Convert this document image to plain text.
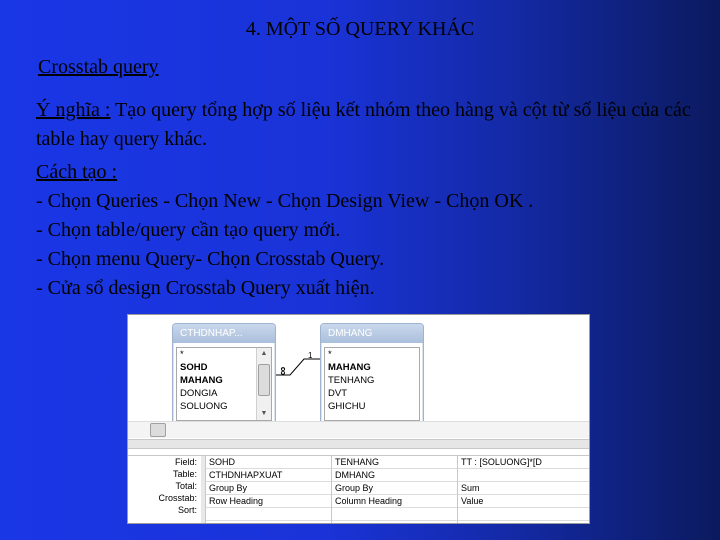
4. MỘT SỐ QUERY KHÁC
Crosstab query

Ý nghĩa : Tạo query tổng hợp số liệu kết nhóm theo hàng và cột từ số liệu của các table hay query khác.

Cách tạo :

- Chọn Queries - Chọn New - Chọn Design View - Chọn OK .

- Chọn table/query cần tạo query mới.

- Chọn menu Query- Chọn Crosstab Query.

- Cửa sổ design Crosstab Query xuất hiện.

CTHDNHAP...
*
SOHD
MAHANG
DONGIA
SOLUONG
▲
▼
∞
1
DMHANG
*
MAHANG
TENHANG
DVT
GHICHU
Field:
Table:
Total:
Crosstab:
Sort:
SOHD
CTHDNHAPXUAT
Group By
Row Heading
TENHANG
DMHANG
Group By
Column Heading
TT : [SOLUONG]*[D
Sum
Value
